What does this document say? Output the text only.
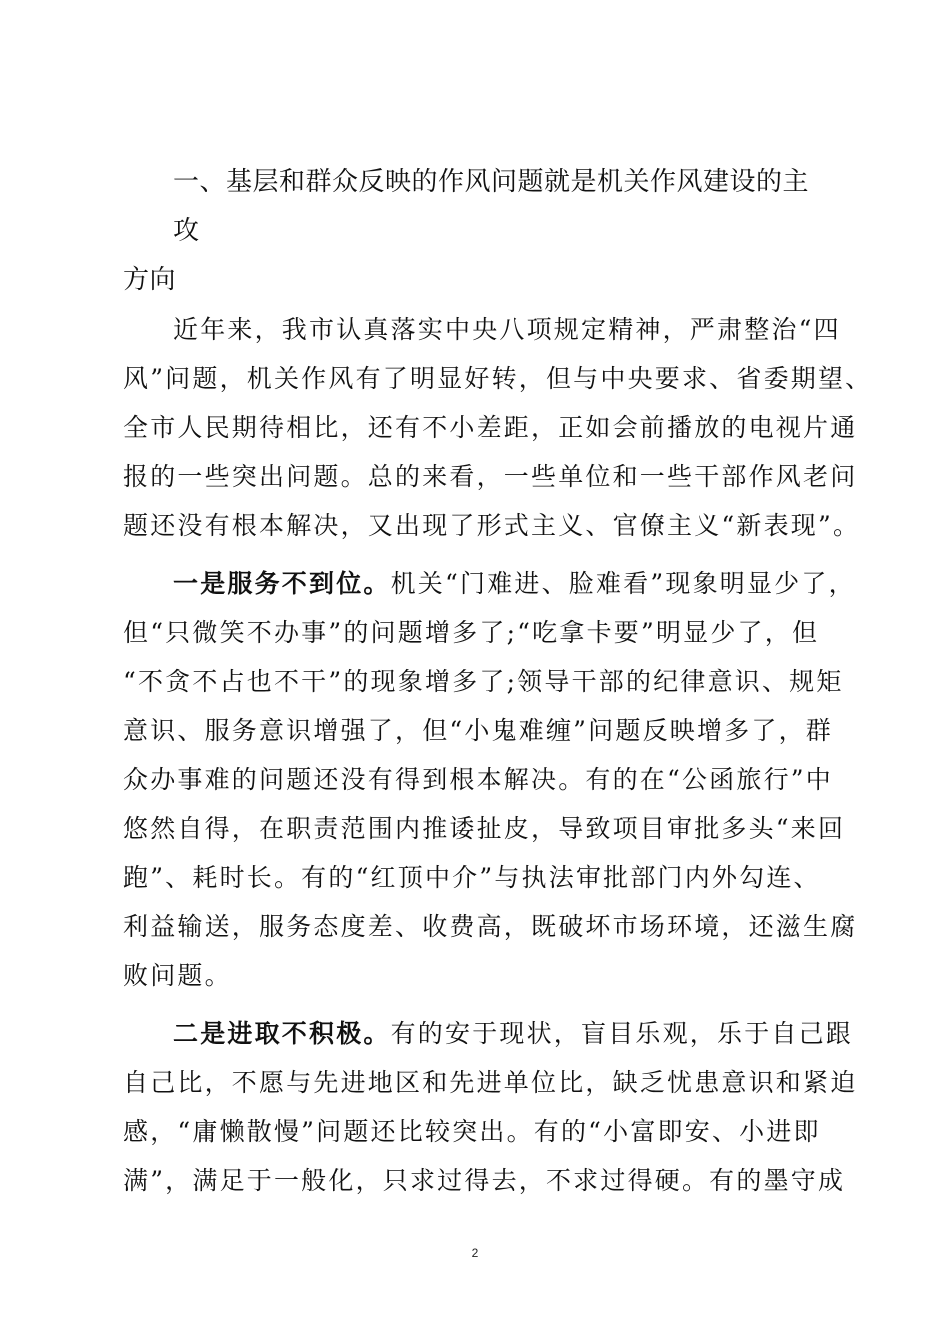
一、基层和群众反映的作风问题就是机关作风建设的主攻
方向
近年来，我市认真落实中央八项规定精神，严肃整治“四
风”问题，机关作风有了明显好转，但与中央要求、省委期望、
全市人民期待相比，还有不小差距，正如会前播放的电视片通
报的一些突出问题。总的来看，一些单位和一些干部作风老问
题还没有根本解决，又出现了形式主义、官僚主义“新表现”。
一是服务不到位。机关“门难进、脸难看”现象明显少了，
但“只微笑不办事”的问题增多了;“吃拿卡要”明显少了，但
“不贪不占也不干”的现象增多了;领导干部的纪律意识、规矩
意识、服务意识增强了，但“小鬼难缠”问题反映增多了，群
众办事难的问题还没有得到根本解决。有的在“公函旅行”中
悠然自得，在职责范围内推诿扯皮，导致项目审批多头“来回
跑”、耗时长。有的“红顶中介”与执法审批部门内外勾连、
利益输送，服务态度差、收费高，既破坏市场环境，还滋生腐
败问题。
二是进取不积极。有的安于现状，盲目乐观，乐于自己跟
自己比，不愿与先进地区和先进单位比，缺乏忧患意识和紧迫
感，“庸懒散慢”问题还比较突出。有的“小富即安、小进即
满”，满足于一般化，只求过得去，不求过得硬。有的墨守成
2
